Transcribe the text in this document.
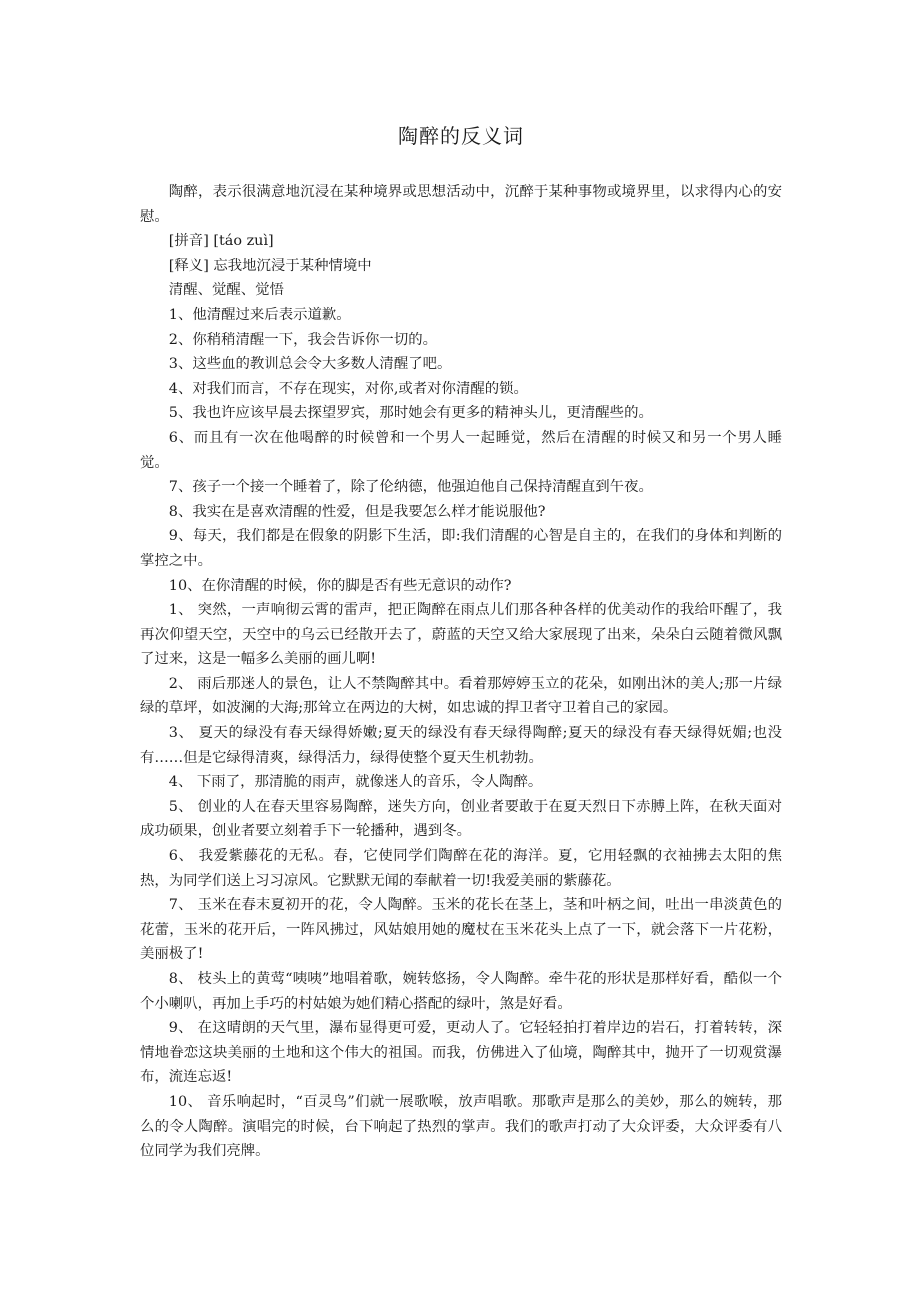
陶醉的反义词

陶醉，表示很满意地沉浸在某种境界或思想活动中，沉醉于某种事物或境界里，以求得内心的安慰。

[拼音] [táo zuì]

[释义] 忘我地沉浸于某种情境中

清醒、觉醒、觉悟

1、他清醒过来后表示道歉。

2、你稍稍清醒一下，我会告诉你一切的。

3、这些血的教训总会令大多数人清醒了吧。

4、对我们而言，不存在现实，对你,或者对你清醒的锁。

5、我也许应该早晨去探望罗宾，那时她会有更多的精神头儿，更清醒些的。

6、而且有一次在他喝醉的时候曾和一个男人一起睡觉，然后在清醒的时候又和另一个男人睡觉。

7、孩子一个接一个睡着了，除了伦纳德，他强迫他自己保持清醒直到午夜。

8、我实在是喜欢清醒的性爱，但是我要怎么样才能说服他?

9、每天，我们都是在假象的阴影下生活，即:我们清醒的心智是自主的，在我们的身体和判断的掌控之中。

10、在你清醒的时候，你的脚是否有些无意识的动作?

1、 突然，一声响彻云霄的雷声，把正陶醉在雨点儿们那各种各样的优美动作的我给吓醒了，我再次仰望天空，天空中的乌云已经散开去了，蔚蓝的天空又给大家展现了出来，朵朵白云随着微风飘了过来，这是一幅多么美丽的画儿啊!

2、 雨后那迷人的景色，让人不禁陶醉其中。看着那婷婷玉立的花朵，如刚出沐的美人;那一片绿绿的草坪，如波澜的大海;那耸立在两边的大树，如忠诚的捍卫者守卫着自己的家园。

3、 夏天的绿没有春天绿得娇嫩;夏天的绿没有春天绿得陶醉;夏天的绿没有春天绿得妩媚;也没有……但是它绿得清爽，绿得活力，绿得使整个夏天生机勃勃。

4、 下雨了，那清脆的雨声，就像迷人的音乐，令人陶醉。

5、 创业的人在春天里容易陶醉，迷失方向，创业者要敢于在夏天烈日下赤膊上阵，在秋天面对成功硕果，创业者要立刻着手下一轮播种，遇到冬。

6、 我爱紫藤花的无私。春，它使同学们陶醉在花的海洋。夏，它用轻飘的衣袖拂去太阳的焦热，为同学们送上习习凉风。它默默无闻的奉献着一切!我爱美丽的紫藤花。

7、 玉米在春末夏初开的花，令人陶醉。玉米的花长在茎上，茎和叶柄之间，吐出一串淡黄色的花蕾，玉米的花开后，一阵风拂过，风姑娘用她的魔杖在玉米花头上点了一下，就会落下一片花粉，美丽极了!

8、 枝头上的黄莺“咦咦”地唱着歌，婉转悠扬，令人陶醉。牵牛花的形状是那样好看，酷似一个个小喇叭，再加上手巧的村姑娘为她们精心搭配的绿叶，煞是好看。

9、 在这晴朗的天气里，瀑布显得更可爱，更动人了。它轻轻拍打着岸边的岩石，打着转转，深情地眷恋这块美丽的土地和这个伟大的祖国。而我，仿佛进入了仙境，陶醉其中，抛开了一切观赏瀑布，流连忘返!

10、 音乐响起时，“百灵鸟”们就一展歌喉，放声唱歌。那歌声是那么的美妙，那么的婉转，那么的令人陶醉。演唱完的时候，台下响起了热烈的掌声。我们的歌声打动了大众评委，大众评委有八位同学为我们亮牌。
